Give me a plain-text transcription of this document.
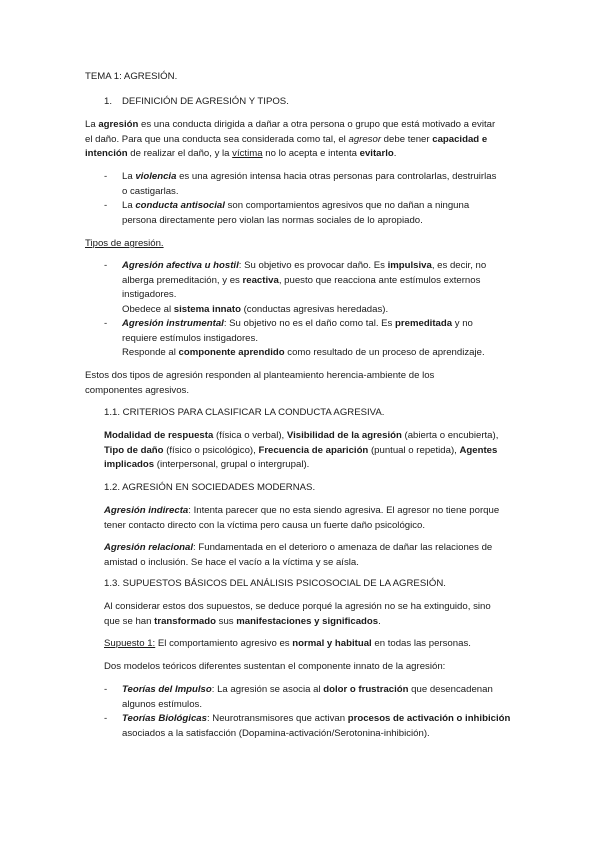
TEMA 1: AGRESIÓN.
1. DEFINICIÓN DE AGRESIÓN Y TIPOS.
La agresión es una conducta dirigida a dañar a otra persona o grupo que está motivado a evitar
el daño. Para que una conducta sea considerada como tal, el agresor debe tener capacidad e
intención de realizar el daño, y la víctima no lo acepta e intenta evitarlo.
- La violencia es una agresión intensa hacia otras personas para controlarlas, destruirlas
o castigarlas.
- La conducta antisocial son comportamientos agresivos que no dañan a ninguna
persona directamente pero violan las normas sociales de lo apropiado.
Tipos de agresión.
- Agresión afectiva u hostil: Su objetivo es provocar daño. Es impulsiva, es decir, no
alberga premeditación, y es reactiva, puesto que reacciona ante estímulos externos
instigadores.
Obedece al sistema innato (conductas agresivas heredadas).
- Agresión instrumental: Su objetivo no es el daño como tal. Es premeditada y no
requiere estímulos instigadores.
Responde al componente aprendido como resultado de un proceso de aprendizaje.
Estos dos tipos de agresión responden al planteamiento herencia-ambiente de los
componentes agresivos.
1.1. CRITERIOS PARA CLASIFICAR LA CONDUCTA AGRESIVA.
Modalidad de respuesta (física o verbal), Visibilidad de la agresión (abierta o encubierta),
Tipo de daño (físico o psicológico), Frecuencia de aparición (puntual o repetida), Agentes
implicados (interpersonal, grupal o intergrupal).
1.2. AGRESIÓN EN SOCIEDADES MODERNAS.
Agresión indirecta: Intenta parecer que no esta siendo agresiva. El agresor no tiene porque
tener contacto directo con la víctima pero causa un fuerte daño psicológico.
Agresión relacional: Fundamentada en el deterioro o amenaza de dañar las relaciones de
amistad o inclusión. Se hace el vacío a la víctima y se aísla.
1.3. SUPUESTOS BÁSICOS DEL ANÁLISIS PSICOSOCIAL DE LA AGRESIÓN.
Al considerar estos dos supuestos, se deduce porqué la agresión no se ha extinguido, sino
que se han transformado sus manifestaciones y significados.
Supuesto 1: El comportamiento agresivo es normal y habitual en todas las personas.
Dos modelos teóricos diferentes sustentan el componente innato de la agresión:
- Teorías del Impulso: La agresión se asocia al dolor o frustración que desencadenan
algunos estímulos.
- Teorías Biológicas: Neurotransmisores que activan procesos de activación o inhibición
asociados a la satisfacción (Dopamina-activación/Serotonina-inhibición).
